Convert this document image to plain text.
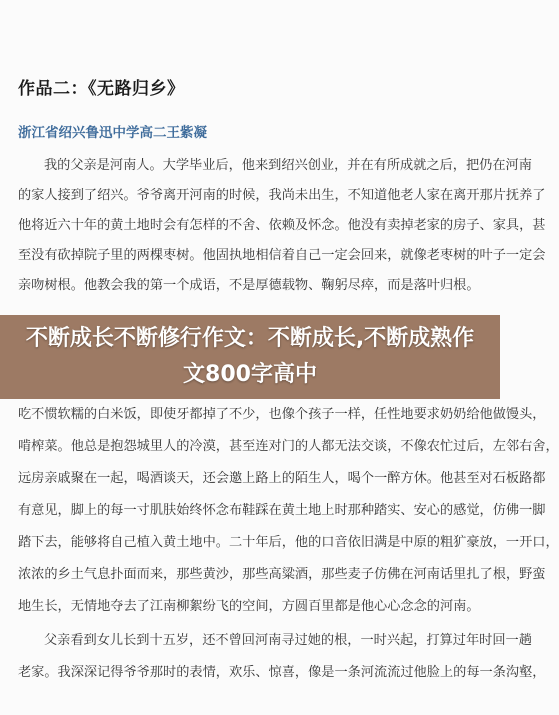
作品二：《无路归乡》
浙江省绍兴鲁迅中学高二王紫凝
我的父亲是河南人。大学毕业后，他来到绍兴创业，并在有所成就之后，把仍在河南
的家人接到了绍兴。爷爷离开河南的时候，我尚未出生，不知道他老人家在离开那片抚养了
他将近六十年的黄土地时会有怎样的不舍、依赖及怀念。他没有卖掉老家的房子、家具，甚
至没有砍掉院子里的两棵枣树。他固执地相信着自己一定会回来，就像老枣树的叶子一定会
亲吻树根。他教会我的第一个成语，不是厚德载物、鞠躬尽瘁，而是落叶归根。
吃不惯软糯的白米饭，即使牙都掉了不少，也像个孩子一样，任性地要求奶奶给他做馒头，
啃榨菜。他总是抱怨城里人的冷漠，甚至连对门的人都无法交谈，不像农忙过后，左邻右舍，
远房亲戚聚在一起，喝酒谈天，还会邀上路上的陌生人，喝个一醉方休。他甚至对石板路都
有意见，脚上的每一寸肌肤始终怀念布鞋踩在黄土地上时那种踏实、安心的感觉，仿佛一脚
踏下去，能够将自己植入黄土地中。二十年后，他的口音依旧满是中原的粗犷豪放，一开口，
浓浓的乡土气息扑面而来，那些黄沙，那些高粱酒，那些麦子仿佛在河南话里扎了根，野蛮
地生长，无情地夺去了江南柳絮纷飞的空间，方圆百里都是他心心念念的河南。
父亲看到女儿长到十五岁，还不曾回河南寻过她的根，一时兴起，打算过年时回一趟
老家。我深深记得爷爷那时的表情，欢乐、惊喜，像是一条河流流过他脸上的每一条沟壑，
不断成长不断修行作文：不断成长,不断成熟作文800字高中
